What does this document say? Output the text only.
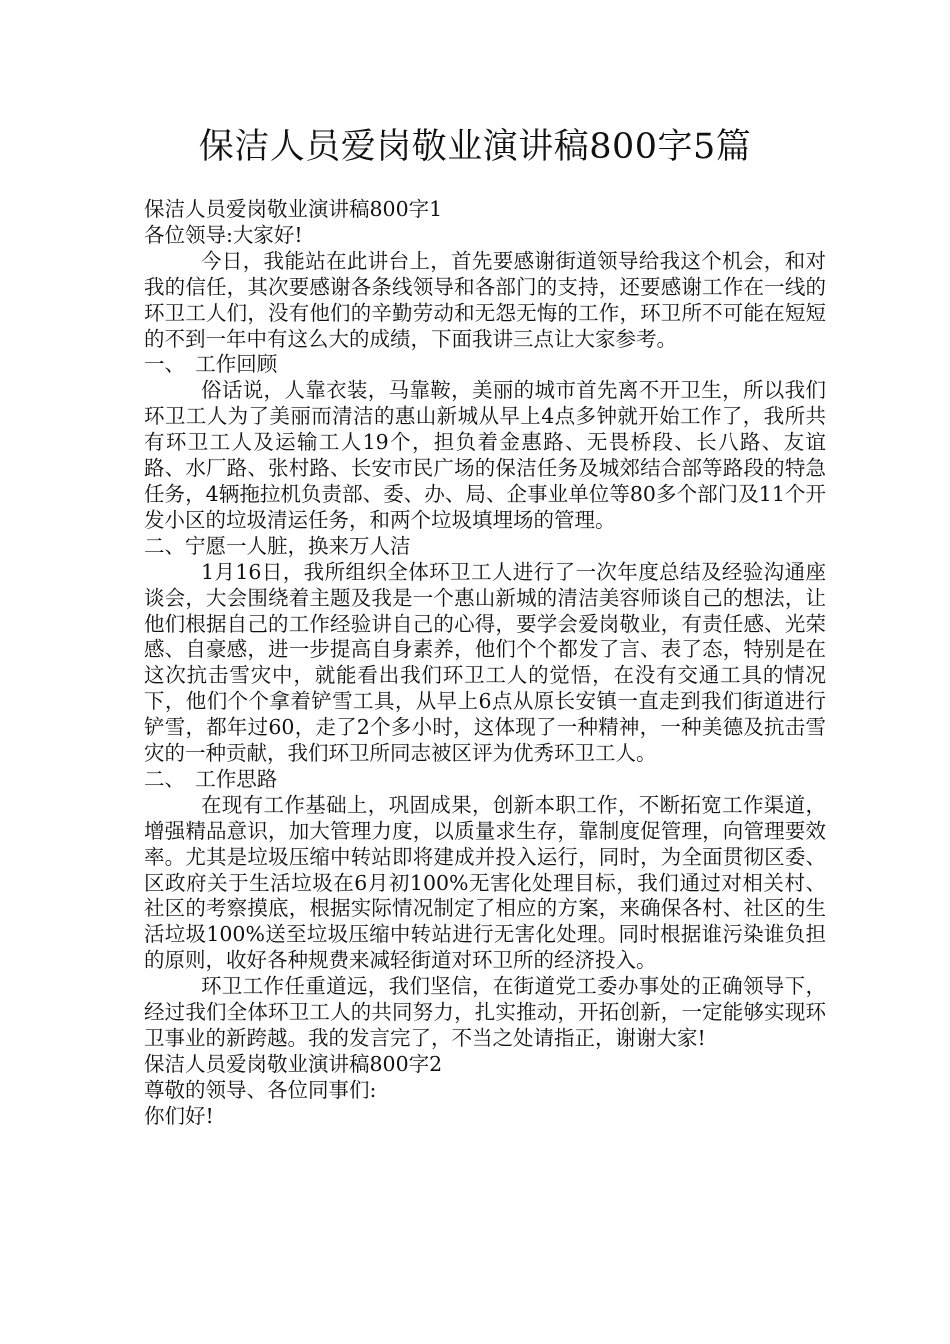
保洁人员爱岗敬业演讲稿800字5篇

保洁人员爱岗敬业演讲稿800字1

各位领导:大家好!

今日，我能站在此讲台上，首先要感谢街道领导给我这个机会，和对我的信任，其次要感谢各条线领导和各部门的支持，还要感谢工作在一线的环卫工人们，没有他们的辛勤劳动和无怨无悔的工作，环卫所不可能在短短的不到一年中有这么大的成绩，下面我讲三点让大家参考。

一、　工作回顾

俗话说，人靠衣装，马靠鞍，美丽的城市首先离不开卫生，所以我们环卫工人为了美丽而清洁的惠山新城从早上4点多钟就开始工作了，我所共有环卫工人及运输工人19个，担负着金惠路、无畏桥段、长八路、友谊路、水厂路、张村路、长安市民广场的保洁任务及城郊结合部等路段的特急任务，4辆拖拉机负责部、委、办、局、企事业单位等80多个部门及11个开发小区的垃圾清运任务，和两个垃圾填埋场的管理。

二、宁愿一人脏，换来万人洁

1月16日，我所组织全体环卫工人进行了一次年度总结及经验沟通座谈会，大会围绕着主题及我是一个惠山新城的清洁美容师谈自己的想法，让他们根据自己的工作经验讲自己的心得，要学会爱岗敬业，有责任感、光荣感、自豪感，进一步提高自身素养，他们个个都发了言、表了态，特别是在这次抗击雪灾中，就能看出我们环卫工人的觉悟，在没有交通工具的情况下，他们个个拿着铲雪工具，从早上6点从原长安镇一直走到我们街道进行铲雪，都年过60，走了2个多小时，这体现了一种精神，一种美德及抗击雪灾的一种贡献，我们环卫所同志被区评为优秀环卫工人。

二、　工作思路

在现有工作基础上，巩固成果，创新本职工作，不断拓宽工作渠道，增强精品意识，加大管理力度，以质量求生存，靠制度促管理，向管理要效率。尤其是垃圾压缩中转站即将建成并投入运行，同时，为全面贯彻区委、区政府关于生活垃圾在6月初100%无害化处理目标，我们通过对相关村、社区的考察摸底，根据实际情况制定了相应的方案，来确保各村、社区的生活垃圾100%送至垃圾压缩中转站进行无害化处理。同时根据谁污染谁负担的原则，收好各种规费来减轻街道对环卫所的经济投入。

环卫工作任重道远，我们坚信，在街道党工委办事处的正确领导下，经过我们全体环卫工人的共同努力，扎实推动，开拓创新，一定能够实现环卫事业的新跨越。我的发言完了，不当之处请指正，谢谢大家!

保洁人员爱岗敬业演讲稿800字2

尊敬的领导、各位同事们:

你们好!
